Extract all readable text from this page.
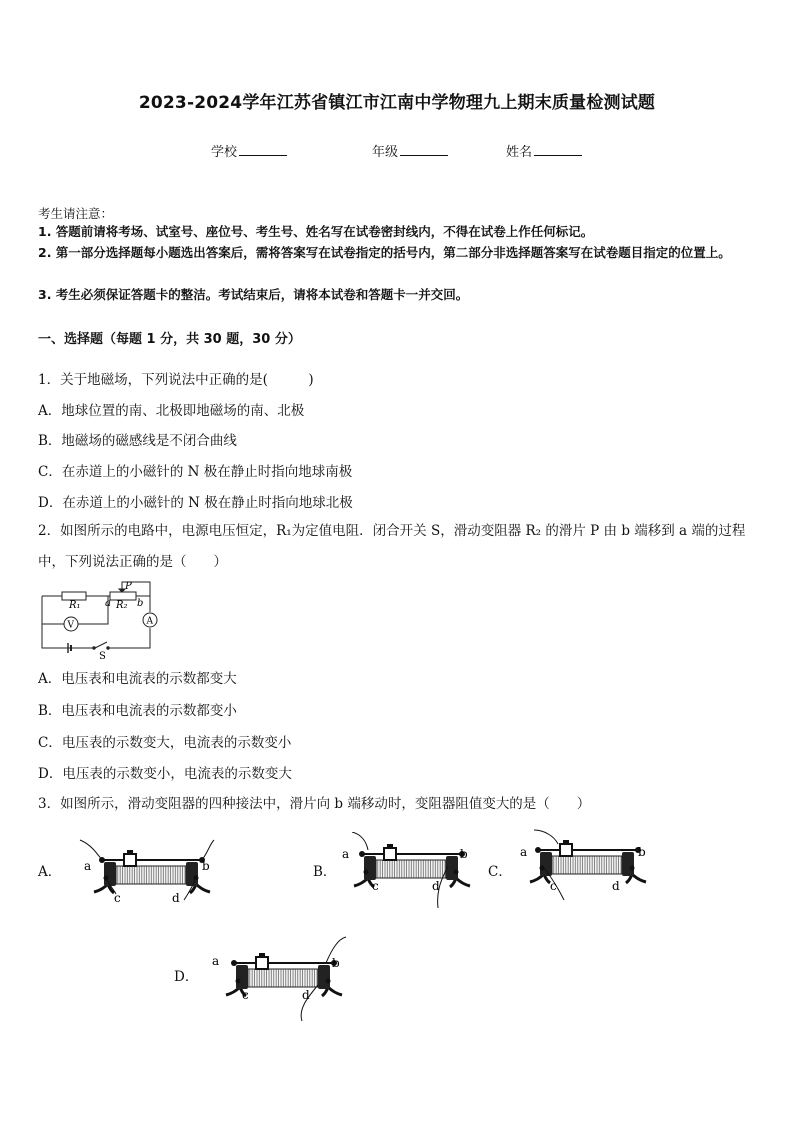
2023-2024学年江苏省镇江市江南中学物理九上期末质量检测试题
学校	年级	姓名
考生请注意：
1. 答题前请将考场、试室号、座位号、考生号、姓名写在试卷密封线内，不得在试卷上作任何标记。
2. 第一部分选择题每小题选出答案后，需将答案写在试卷指定的括号内，第二部分非选择题答案写在试卷题目指定的位置上。
3. 考生必须保证答题卡的整洁。考试结束后，请将本试卷和答题卡一并交回。
一、选择题（每题 1 分，共 30 题，30 分）
1．关于地磁场，下列说法中正确的是(　　　)
A．地球位置的南、北极即地磁场的南、北极
B．地磁场的磁感线是不闭合曲线
C．在赤道上的小磁针的 N 极在静止时指向地球南极
D．在赤道上的小磁针的 N 极在静止时指向地球北极
2．如图所示的电路中，电源电压恒定，R₁为定值电阻．闭合开关 S，滑动变阻器 R₂ 的滑片 P 由 b 端移到 a 端的过程中，下列说法正确的是（　　）
R₁	R₂
P
a	b
V	A
S
A．电压表和电流表的示数都变大
B．电压表和电流表的示数都变小
C．电压表的示数变大，电流表的示数变小
D．电压表的示数变小，电流表的示数变大
3．如图所示，滑动变阻器的四种接法中，滑片向 b 端移动时，变阻器阻值变大的是（　　）
A． a	b
c	d
B．
a	b
c	d
C．
a	b
c	d
D．
a	b
c	d
